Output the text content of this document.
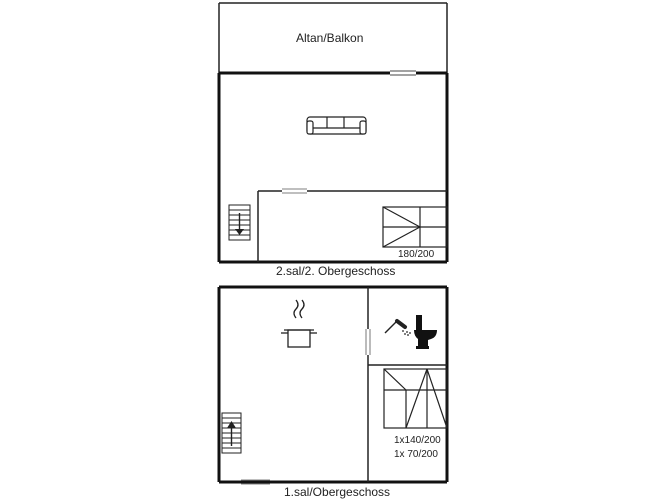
Altan/Balkon
2.sal/2. Obergeschoss
180/200
1x140/200
1x 70/200
1.sal/Obergeschoss
